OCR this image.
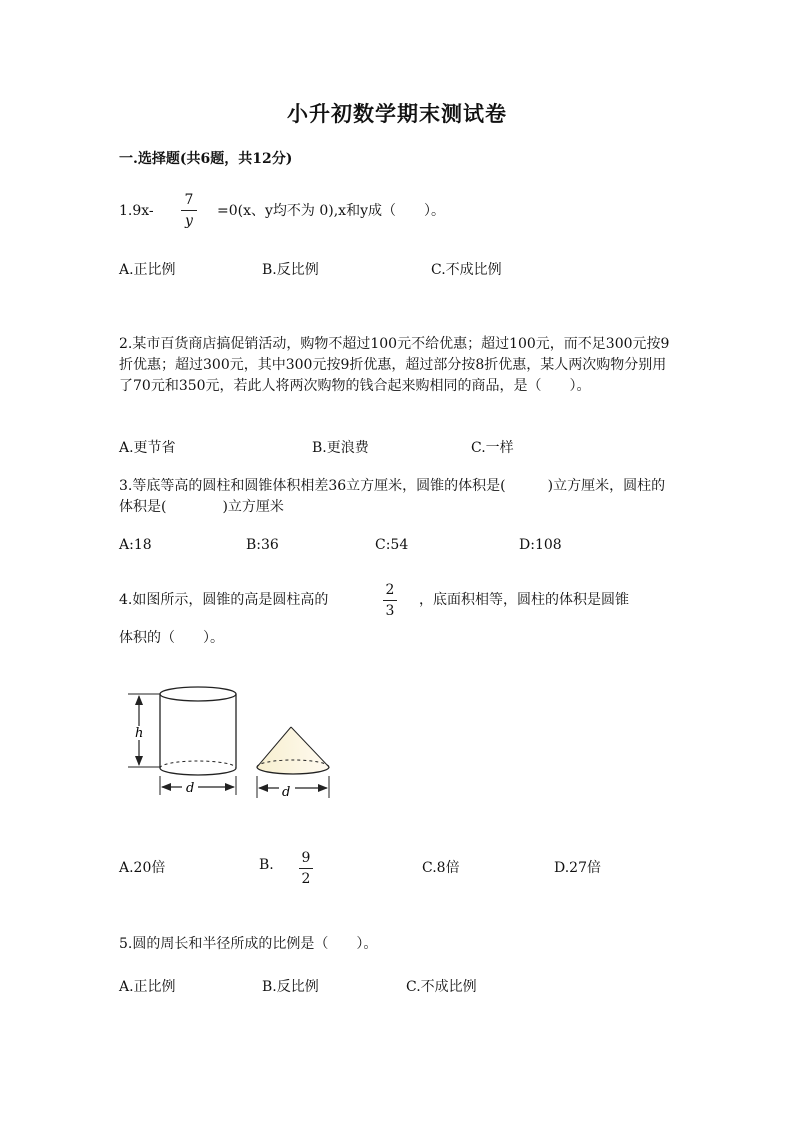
小升初数学期末测试卷
一.选择题(共6题，共12分)
1.9x-
7
y
=0(x、y均不为 0),x和y成（　　）。
A.正比例	B.反比例	C.不成比例
2.某市百货商店搞促销活动，购物不超过100元不给优惠；超过100元，而不足300元按9折优惠；超过300元，其中300元按9折优惠，超过部分按8折优惠，某人两次购物分别用了70元和350元，若此人将两次购物的钱合起来购相同的商品，是（　　）。
A.更节省	B.更浪费	C.一样
3.等底等高的圆柱和圆锥体积相差36立方厘米，圆锥的体积是(　　　)立方厘米，圆柱的体积是(　　　　)立方厘米
A:18	B:36	C:54	D:108
4.如图所示，圆锥的高是圆柱高的
2
3
，底面积相等，圆柱的体积是圆锥
体积的（　　）。
h
d	d
A.20倍	B. 9
2
C.8倍	D.27倍
5.圆的周长和半径所成的比例是（　　）。
A.正比例	B.反比例	C.不成比例
